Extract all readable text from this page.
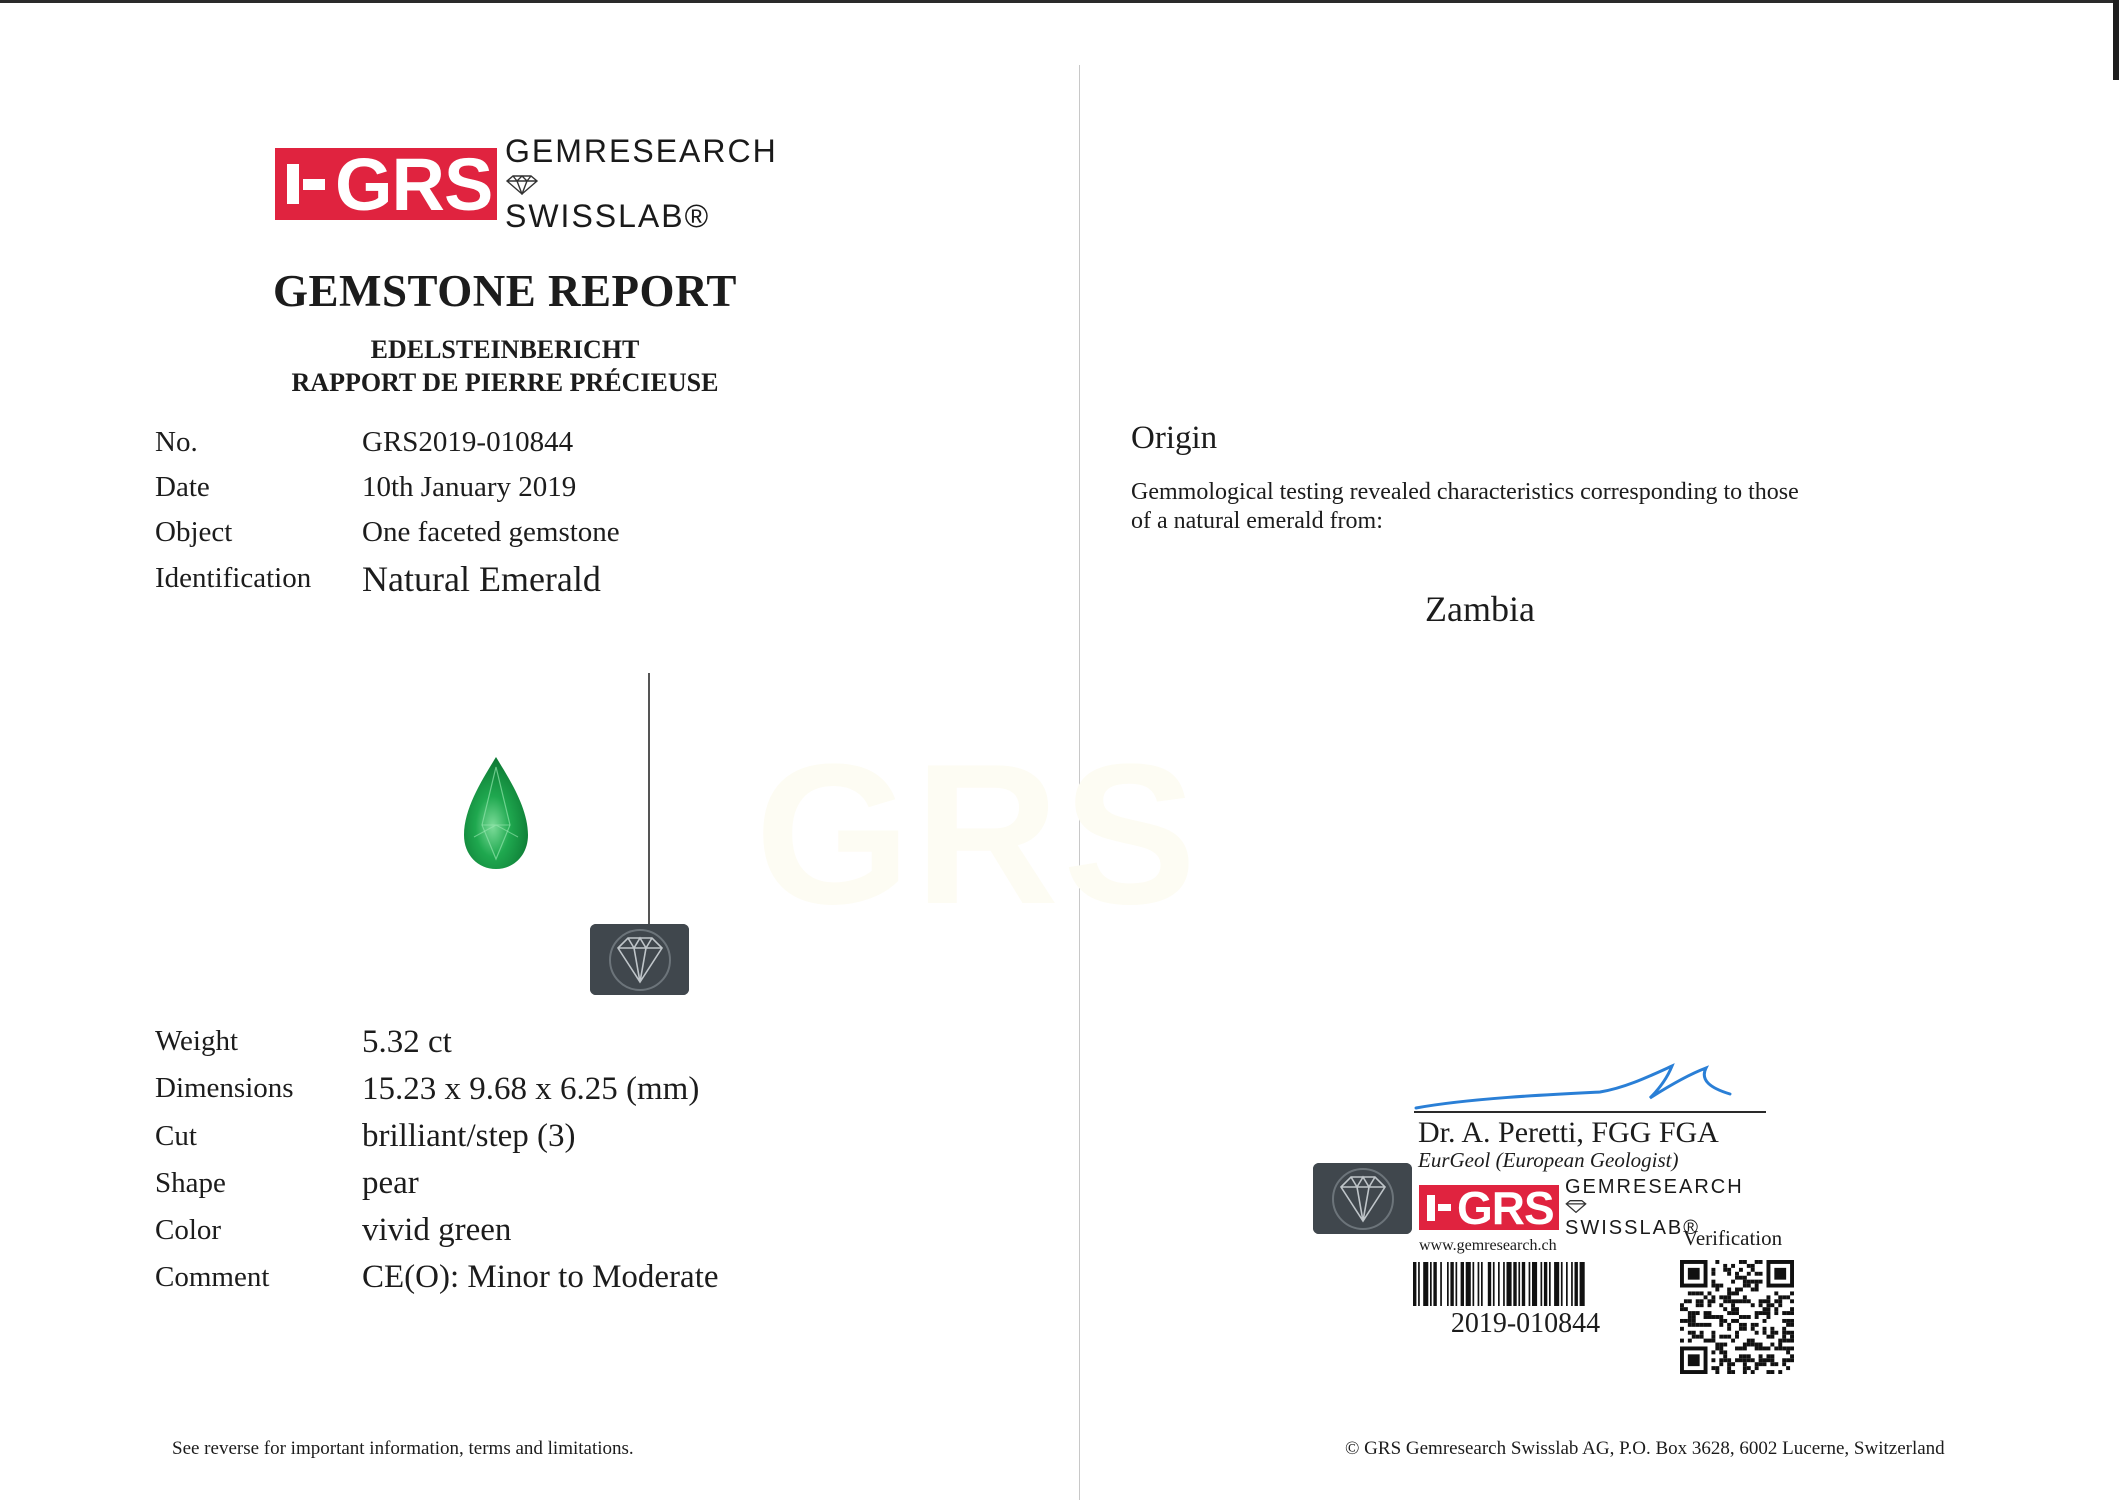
GRS
GRS GEMRESEARCH
SWISSLAB®
GEMSTONE REPORT
EDELSTEINBERICHT
RAPPORT DE PIERRE PRÉCIEUSE
No.	GRS2019-010844
Date	10th January 2019
Object	One faceted gemstone
Identification Natural Emerald
Weight	5.32 ct
Dimensions 15.23 x 9.68 x 6.25 (mm)
Cut	brilliant/step (3)
Shape	pear
Color	vivid green
Comment	CE(O): Minor to Moderate
See reverse for important information, terms and limitations.
Origin
Gemmological testing revealed characteristics corresponding to those
of a natural emerald from:
Zambia
Dr. A. Peretti, FGG FGA
EurGeol (European Geologist)
GRS GEMRESEARCH
SWISSLAB®
www.gemresearch.ch	Verification
2019-010844
© GRS Gemresearch Swisslab AG, P.O. Box 3628, 6002 Lucerne, Switzerland
